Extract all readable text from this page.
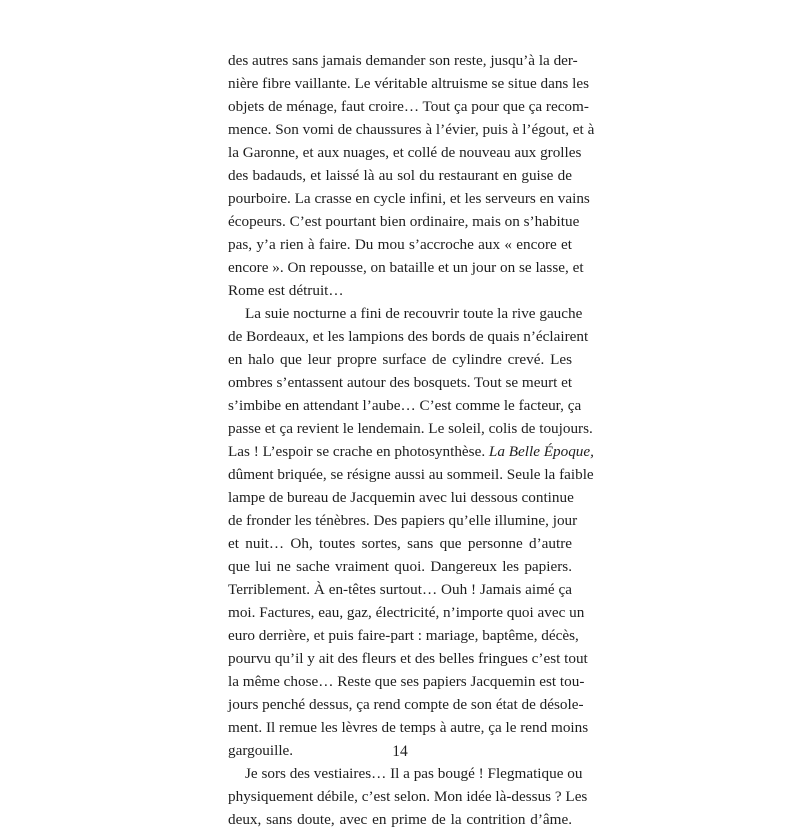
des autres sans jamais demander son reste, jusqu’à la der-
nière fibre vaillante. Le véritable altruisme se situe dans les
objets de ménage, faut croire… Tout ça pour que ça recom-
mence. Son vomi de chaussures à l’évier, puis à l’égout, et à
la Garonne, et aux nuages, et collé de nouveau aux grolles
des badauds, et laissé là au sol du restaurant en guise de
pourboire. La crasse en cycle infini, et les serveurs en vains
écopeurs. C’est pourtant bien ordinaire, mais on s’habitue
pas, y’a rien à faire. Du mou s’accroche aux « encore et
encore ». On repousse, on bataille et un jour on se lasse, et
Rome est détruit…
La suie nocturne a fini de recouvrir toute la rive gauche
de Bordeaux, et les lampions des bords de quais n’éclairent
en halo que leur propre surface de cylindre crevé. Les
ombres s’entassent autour des bosquets. Tout se meurt et
s’imbibe en attendant l’aube… C’est comme le facteur, ça
passe et ça revient le lendemain. Le soleil, colis de toujours.
Las ! L’espoir se crache en photosynthèse. La Belle Époque,
dûment briquée, se résigne aussi au sommeil. Seule la faible
lampe de bureau de Jacquemin avec lui dessous continue
de fronder les ténèbres. Des papiers qu’elle illumine, jour
et nuit… Oh, toutes sortes, sans que personne d’autre
que lui ne sache vraiment quoi. Dangereux les papiers.
Terriblement. À en-têtes surtout… Ouh ! Jamais aimé ça
moi. Factures, eau, gaz, électricité, n’importe quoi avec un
euro derrière, et puis faire-part : mariage, baptême, décès,
pourvu qu’il y ait des fleurs et des belles fringues c’est tout
la même chose… Reste que ses papiers Jacquemin est tou-
jours penché dessus, ça rend compte de son état de désole-
ment. Il remue les lèvres de temps à autre, ça le rend moins
gargouille.
Je sors des vestiaires… Il a pas bougé ! Flegmatique ou
physiquement débile, c’est selon. Mon idée là-dessus ? Les
deux, sans doute, avec en prime de la contrition d’âme.
14
